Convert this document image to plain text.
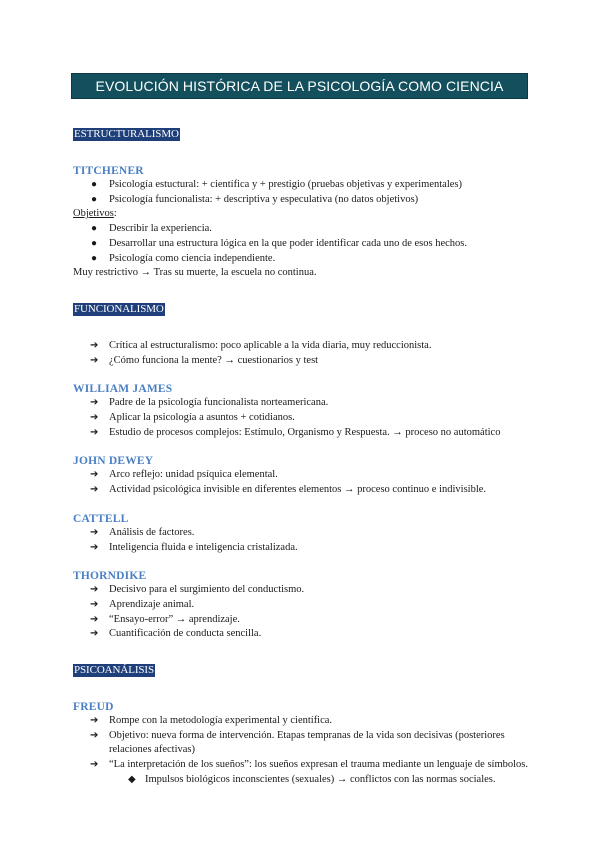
EVOLUCIÓN HISTÓRICA DE LA PSICOLOGÍA COMO CIENCIA
ESTRUCTURALISMO
TITCHENER
● Psicología estuctural: + científica y + prestigio (pruebas objetivas y experimentales)
● Psicología funcionalista: + descriptiva y especulativa (no datos objetivos)
Objetivos:
● Describir la experiencia.
● Desarrollar una estructura lógica en la que poder identificar cada uno de esos hechos.
● Psicología como ciencia independiente.
Muy restrictivo → Tras su muerte, la escuela no continua.
FUNCIONALISMO
➔ Crítica al estructuralismo: poco aplicable a la vida diaria, muy reduccionista.
➔ ¿Cómo funciona la mente? → cuestionarios y test
WILLIAM JAMES
➔ Padre de la psicología funcionalista norteamericana.
➔ Aplicar la psicología a asuntos + cotidianos.
➔ Estudio de procesos complejos: Estímulo, Organismo y Respuesta. → proceso no automático
JOHN DEWEY
➔ Arco reflejo: unidad psíquica elemental.
➔ Actividad psicológica invisible en diferentes elementos → proceso continuo e indivisible.
CATTELL
➔ Análisis de factores.
➔ Inteligencia fluida e inteligencia cristalizada.
THORNDIKE
➔ Decisivo para el surgimiento del conductismo.
➔ Aprendizaje animal.
➔ “Ensayo-error” → aprendizaje.
➔ Cuantificación de conducta sencilla.
PSICOANÁLISIS
FREUD
➔ Rompe con la metodología experimental y científica.
➔ Objetivo: nueva forma de intervención. Etapas tempranas de la vida son decisivas (posteriores relaciones afectivas)
➔ “La interpretación de los sueños”: los sueños expresan el trauma mediante un lenguaje de símbolos.
◆ Impulsos biológicos inconscientes (sexuales) → conflictos con las normas sociales.
